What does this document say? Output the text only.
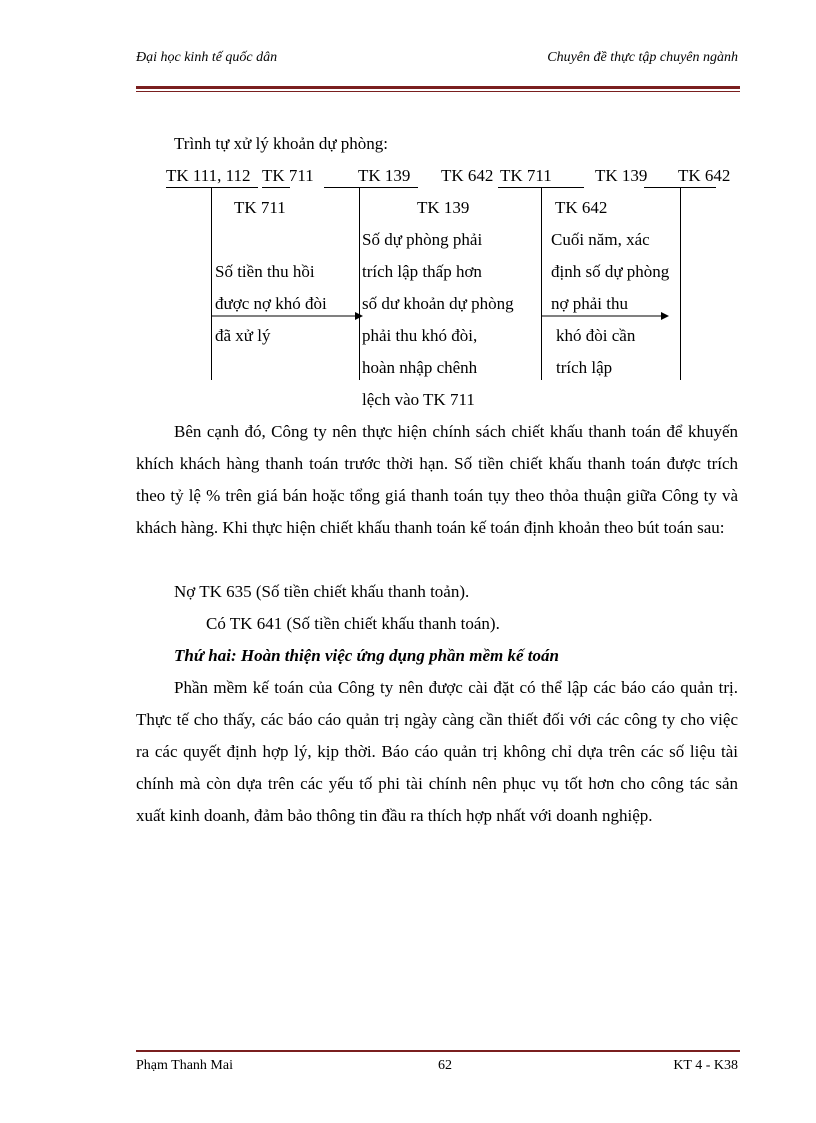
Đại học kinh tế quốc dân	Chuyên đề thực tập chuyên ngành
Trình tự xử lý khoản dự phòng:
TK 111, 112 TK 711	TK 139 TK 642 TK 711	TK 139 TK 642
TK 711
Số tiền thu hồi
được nợ khó đòi
đã xử lý
TK 139
Số dự phòng phải
trích lập thấp hơn
số dư khoản dự phòng
phải thu khó đòi,
hoàn nhập chênh
lệch vào TK 711
TK 642
Cuối năm, xác
định số dự phòng
nợ phải thu
khó đòi cần
trích lập

Bên cạnh đó, Công ty nên thực hiện chính sách chiết khấu thanh toán để khuyến khích khách hàng thanh toán trước thời hạn. Số tiền chiết khấu thanh toán được trích theo tỷ lệ % trên giá bán hoặc tổng giá thanh toán tụy theo thỏa thuận giữa Công ty và khách hàng. Khi thực hiện chiết khấu thanh toán kế toán định khoản theo bút toán sau:

Nợ TK 635 (Số tiền chiết khấu thanh toản).
Có TK 641 (Số tiền chiết khấu thanh toán).
Thứ hai: Hoàn thiện việc ứng dụng phần mềm kế toán

Phần mềm kế toán của Công ty nên được cài đặt có thể lập các báo cáo quản trị. Thực tế cho thấy, các báo cáo quản trị ngày càng cần thiết đối với các công ty cho việc ra các quyết định hợp lý, kịp thời. Báo cáo quản trị không chỉ dựa trên các số liệu tài chính mà còn dựa trên các yếu tố phi tài chính nên phục vụ tốt hơn cho công tác sản xuất kinh doanh, đảm bảo thông tin đầu ra thích hợp nhất với doanh nghiệp.

Phạm Thanh Mai	62	KT 4 - K38
